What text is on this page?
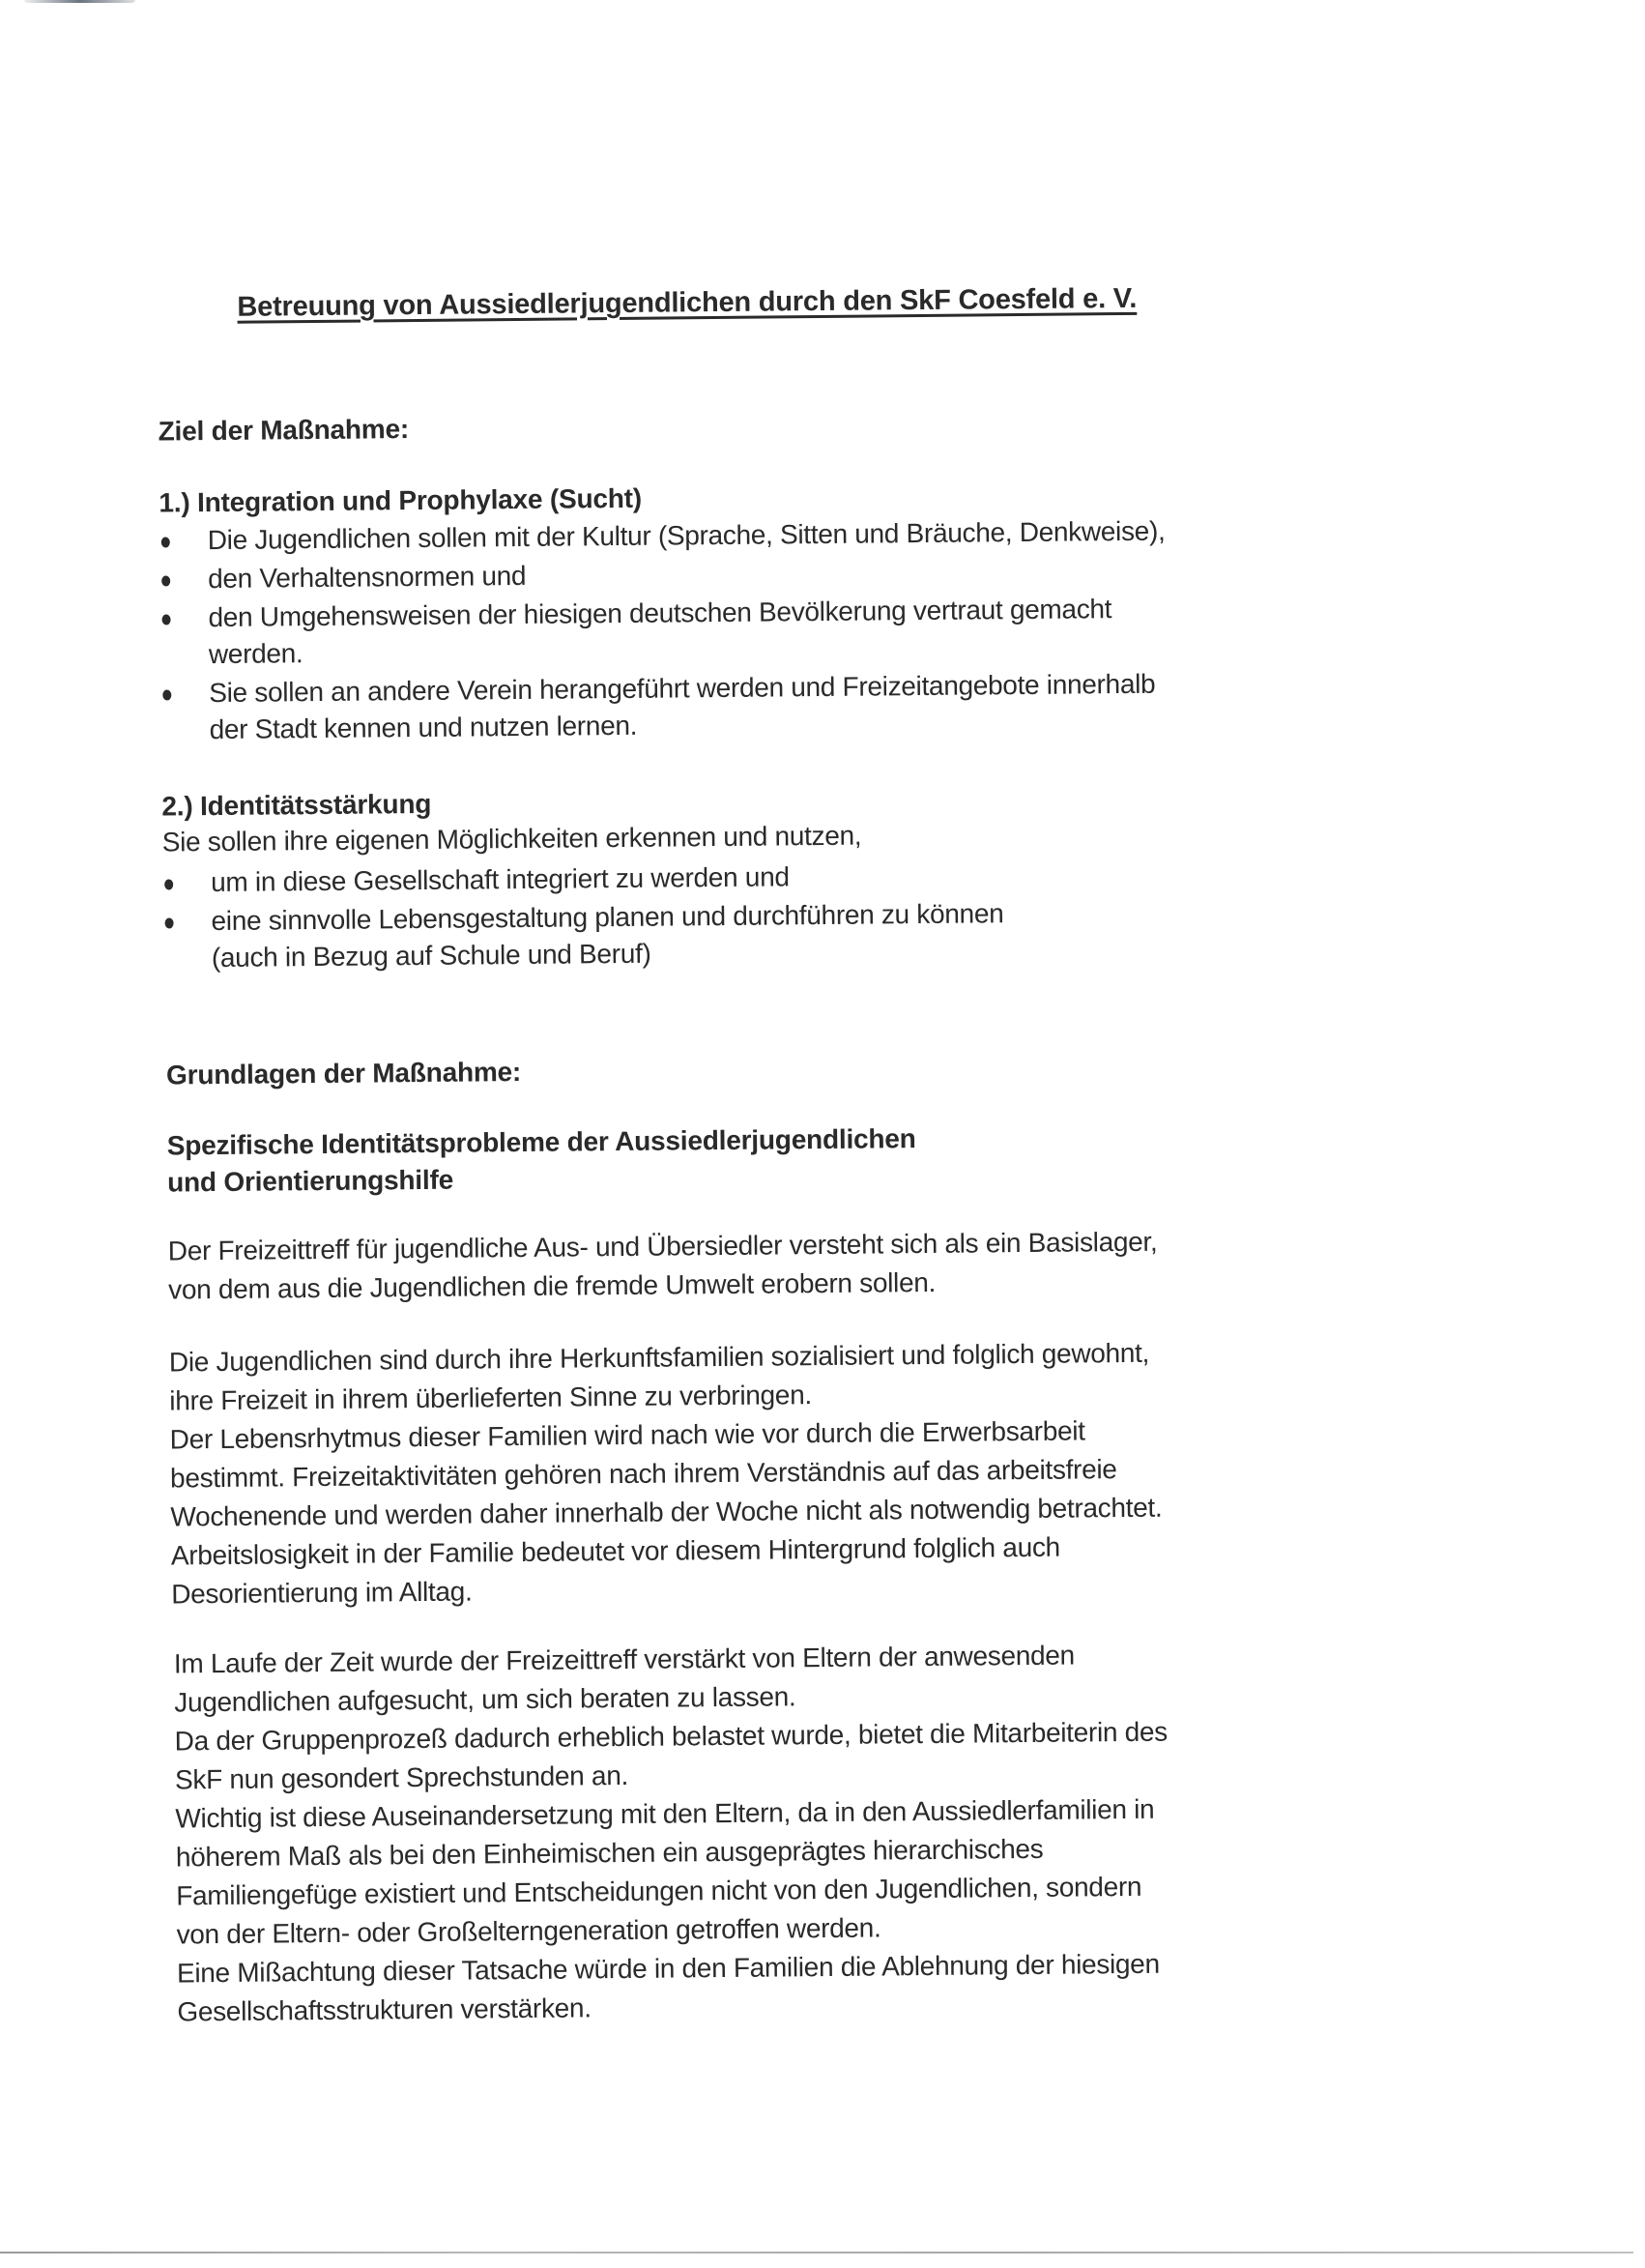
Betreuung von Aussiedlerjugendlichen durch den SkF Coesfeld e. V.
Ziel der Maßnahme:
1.) Integration und Prophylaxe (Sucht)
Die Jugendlichen sollen mit der Kultur (Sprache, Sitten und Bräuche, Denkweise),
den Verhaltensnormen und
den Umgehensweisen der hiesigen deutschen Bevölkerung vertraut gemacht
werden.
Sie sollen an andere Verein herangeführt werden und Freizeitangebote innerhalb
der Stadt kennen und nutzen lernen.
2.) Identitätsstärkung
Sie sollen ihre eigenen Möglichkeiten erkennen und nutzen,
um in diese Gesellschaft integriert zu werden und
eine sinnvolle Lebensgestaltung planen und durchführen zu können
(auch in Bezug auf Schule und Beruf)
Grundlagen der Maßnahme:
Spezifische Identitätsprobleme der Aussiedlerjugendlichen
und Orientierungshilfe
Der Freizeittreff für jugendliche Aus- und Übersiedler versteht sich als ein Basislager,
von dem aus die Jugendlichen die fremde Umwelt erobern sollen.
Die Jugendlichen sind durch ihre Herkunftsfamilien sozialisiert und folglich gewohnt,
ihre Freizeit in ihrem überlieferten Sinne zu verbringen.
Der Lebensrhytmus dieser Familien wird nach wie vor durch die Erwerbsarbeit
bestimmt. Freizeitaktivitäten gehören nach ihrem Verständnis auf das arbeitsfreie
Wochenende und werden daher innerhalb der Woche nicht als notwendig betrachtet.
Arbeitslosigkeit in der Familie bedeutet vor diesem Hintergrund folglich auch
Desorientierung im Alltag.
Im Laufe der Zeit wurde der Freizeittreff verstärkt von Eltern der anwesenden
Jugendlichen aufgesucht, um sich beraten zu lassen.
Da der Gruppenprozeß dadurch erheblich belastet wurde, bietet die Mitarbeiterin des
SkF nun gesondert Sprechstunden an.
Wichtig ist diese Auseinandersetzung mit den Eltern, da in den Aussiedlerfamilien in
höherem Maß als bei den Einheimischen ein ausgeprägtes hierarchisches
Familiengefüge existiert und Entscheidungen nicht von den Jugendlichen, sondern
von der Eltern- oder Großelterngeneration getroffen werden.
Eine Mißachtung dieser Tatsache würde in den Familien die Ablehnung der hiesigen
Gesellschaftsstrukturen verstärken.
